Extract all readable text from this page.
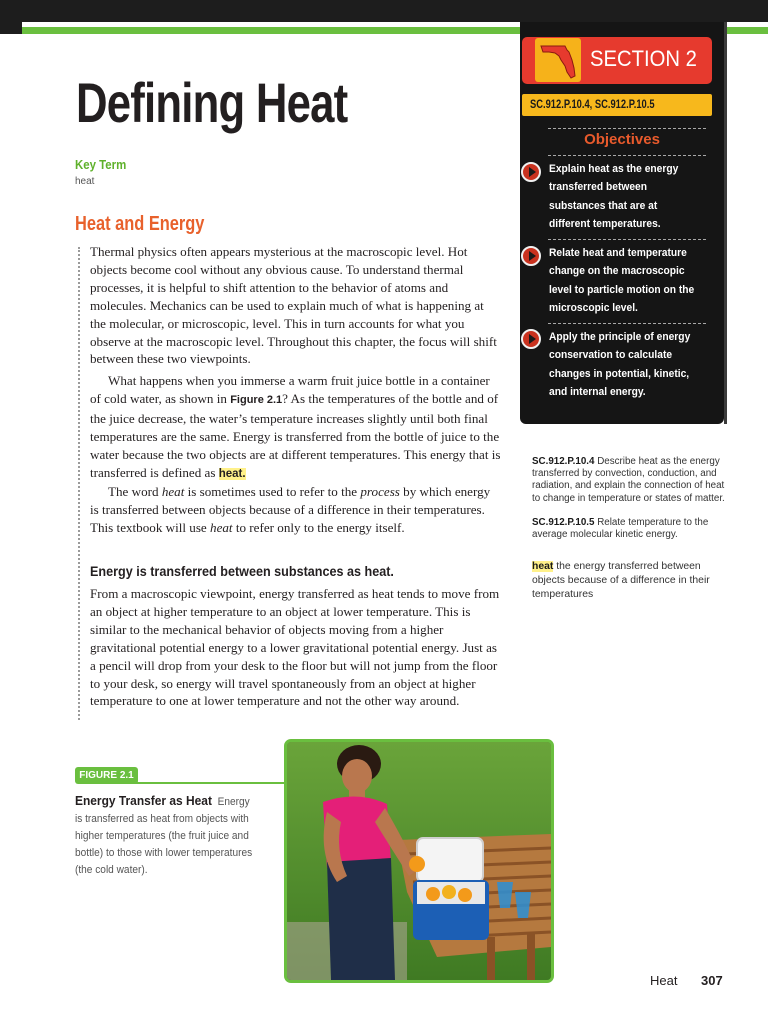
Defining Heat
Key Term
heat
Heat and Energy

Thermal physics often appears mysterious at the macroscopic level. Hot objects become cool without any obvious cause. To understand thermal processes, it is helpful to shift attention to the behavior of atoms and molecules. Mechanics can be used to explain much of what is happening at the molecular, or microscopic, level. This in turn accounts for what you observe at the macroscopic level. Throughout this chapter, the focus will shift between these two viewpoints.

What happens when you immerse a warm fruit juice bottle in a container of cold water, as shown in Figure 2.1? As the temperatures of the bottle and of the juice decrease, the water’s temperature increases slightly until both final temperatures are the same. Energy is transferred from the bottle of juice to the water because the two objects are at different temperatures. This energy that is transferred is defined as heat.

The word heat is sometimes used to refer to the process by which energy is transferred between objects because of a difference in their temperatures. This textbook will use heat to refer only to the energy itself.

Energy is transferred between substances as heat.

From a macroscopic viewpoint, energy transferred as heat tends to move from an object at higher temperature to an object at lower temperature. This is similar to the mechanical behavior of objects moving from a higher gravitational potential energy to a lower gravitational potential energy. Just as a pencil will drop from your desk to the floor but will not jump from the floor to your desk, so energy will travel spontaneously from an object at higher temperature to one at lower temperature and not the other way around.

SECTION 2
SC.912.P.10.4, SC.912.P.10.5
Objectives
Explain heat as the energy transferred between substances that are at different temperatures.
Relate heat and temperature change on the macroscopic level to particle motion on the microscopic level.
Apply the principle of energy conservation to calculate changes in potential, kinetic, and internal energy.
SC.912.P.10.4 Describe heat as the energy transferred by convection, conduction, and radiation, and explain the connection of heat to change in temperature or states of matter.
SC.912.P.10.5 Relate temperature to the average molecular kinetic energy.
heat the energy transferred between objects because of a difference in their temperatures
FIGURE 2.1
Energy Transfer as Heat Energy is transferred as heat from objects with higher temperatures (the fruit juice and bottle) to those with lower temperatures (the cold water).
Heat 307
